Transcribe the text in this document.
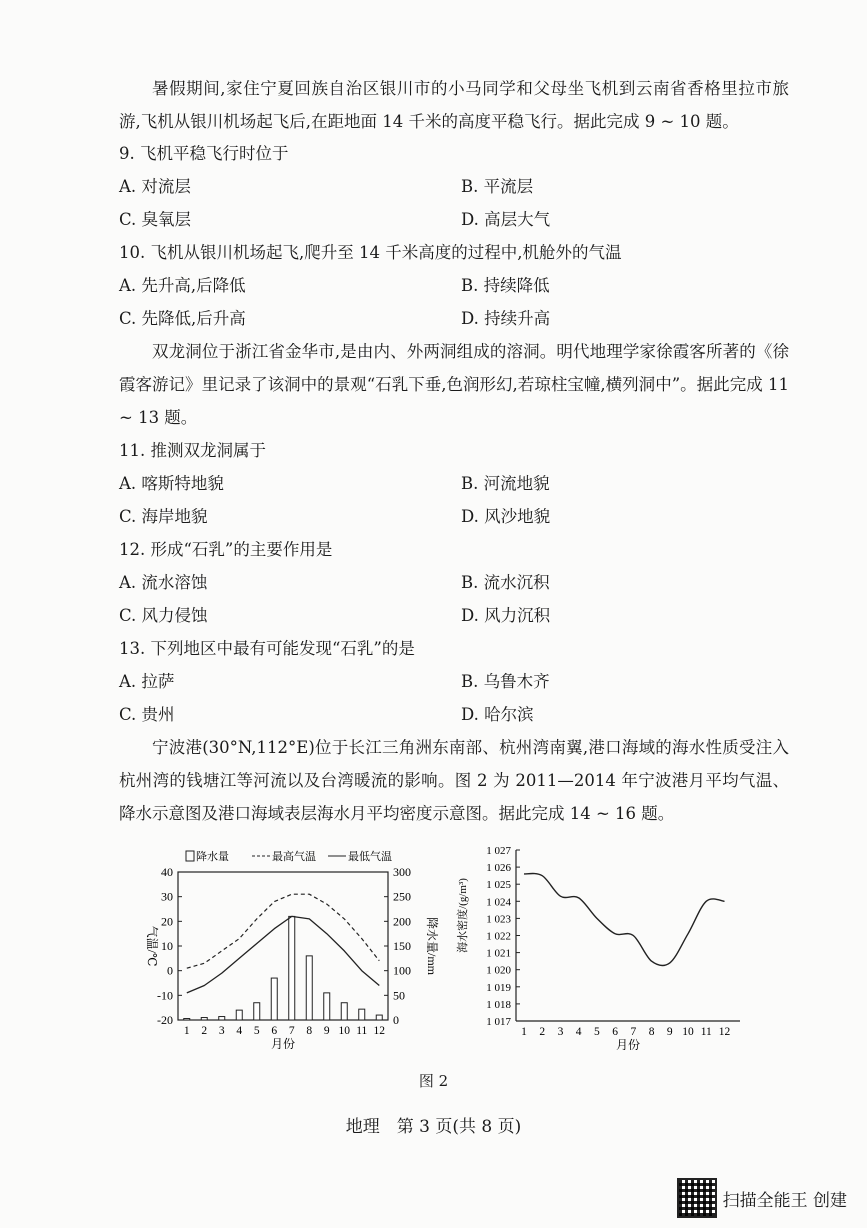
暑假期间,家住宁夏回族自治区银川市的小马同学和父母坐飞机到云南省香格里拉市旅游,飞机从银川机场起飞后,在距地面 14 千米的高度平稳飞行。据此完成 9 ~ 10 题。
9. 飞机平稳飞行时位于
A. 对流层	B. 平流层
C. 臭氧层	D. 高层大气
10. 飞机从银川机场起飞,爬升至 14 千米高度的过程中,机舱外的气温
A. 先升高,后降低	B. 持续降低
C. 先降低,后升高	D. 持续升高
双龙洞位于浙江省金华市,是由内、外两洞组成的溶洞。明代地理学家徐霞客所著的《徐霞客游记》里记录了该洞中的景观“石乳下垂,色润形幻,若琼柱宝幢,横列洞中”。据此完成 11 ~ 13 题。
11. 推测双龙洞属于
A. 喀斯特地貌	B. 河流地貌
C. 海岸地貌	D. 风沙地貌
12. 形成“石乳”的主要作用是
A. 流水溶蚀	B. 流水沉积
C. 风力侵蚀	D. 风力沉积
13. 下列地区中最有可能发现“石乳”的是
A. 拉萨	B. 乌鲁木齐
C. 贵州	D. 哈尔滨
宁波港(30°N,112°E)位于长江三角洲东南部、杭州湾南翼,港口海域的海水性质受注入杭州湾的钱塘江等河流以及台湾暖流的影响。图 2 为 2011—2014 年宁波港月平均气温、降水示意图及港口海域表层海水月平均密度示意图。据此完成 14 ~ 16 题。
降水量	最高气温	最低气温
40
30
20
10
0
-10
-20
300
250
200
150
100
50
0
1 2 3 4 5 6 7 8 9 10 11 12
月份
气温/℃	降水量/mm
1 027
1 026
1 025
1 024
1 023
1 022
1 021
1 020
1 019
1 018
1 017
1 2 3 4 5 6 7 8 9 10 11 12
月份
海水密度/(g/m³)
图 2
地理　第 3 页(共 8 页)
扫描全能王 创建
